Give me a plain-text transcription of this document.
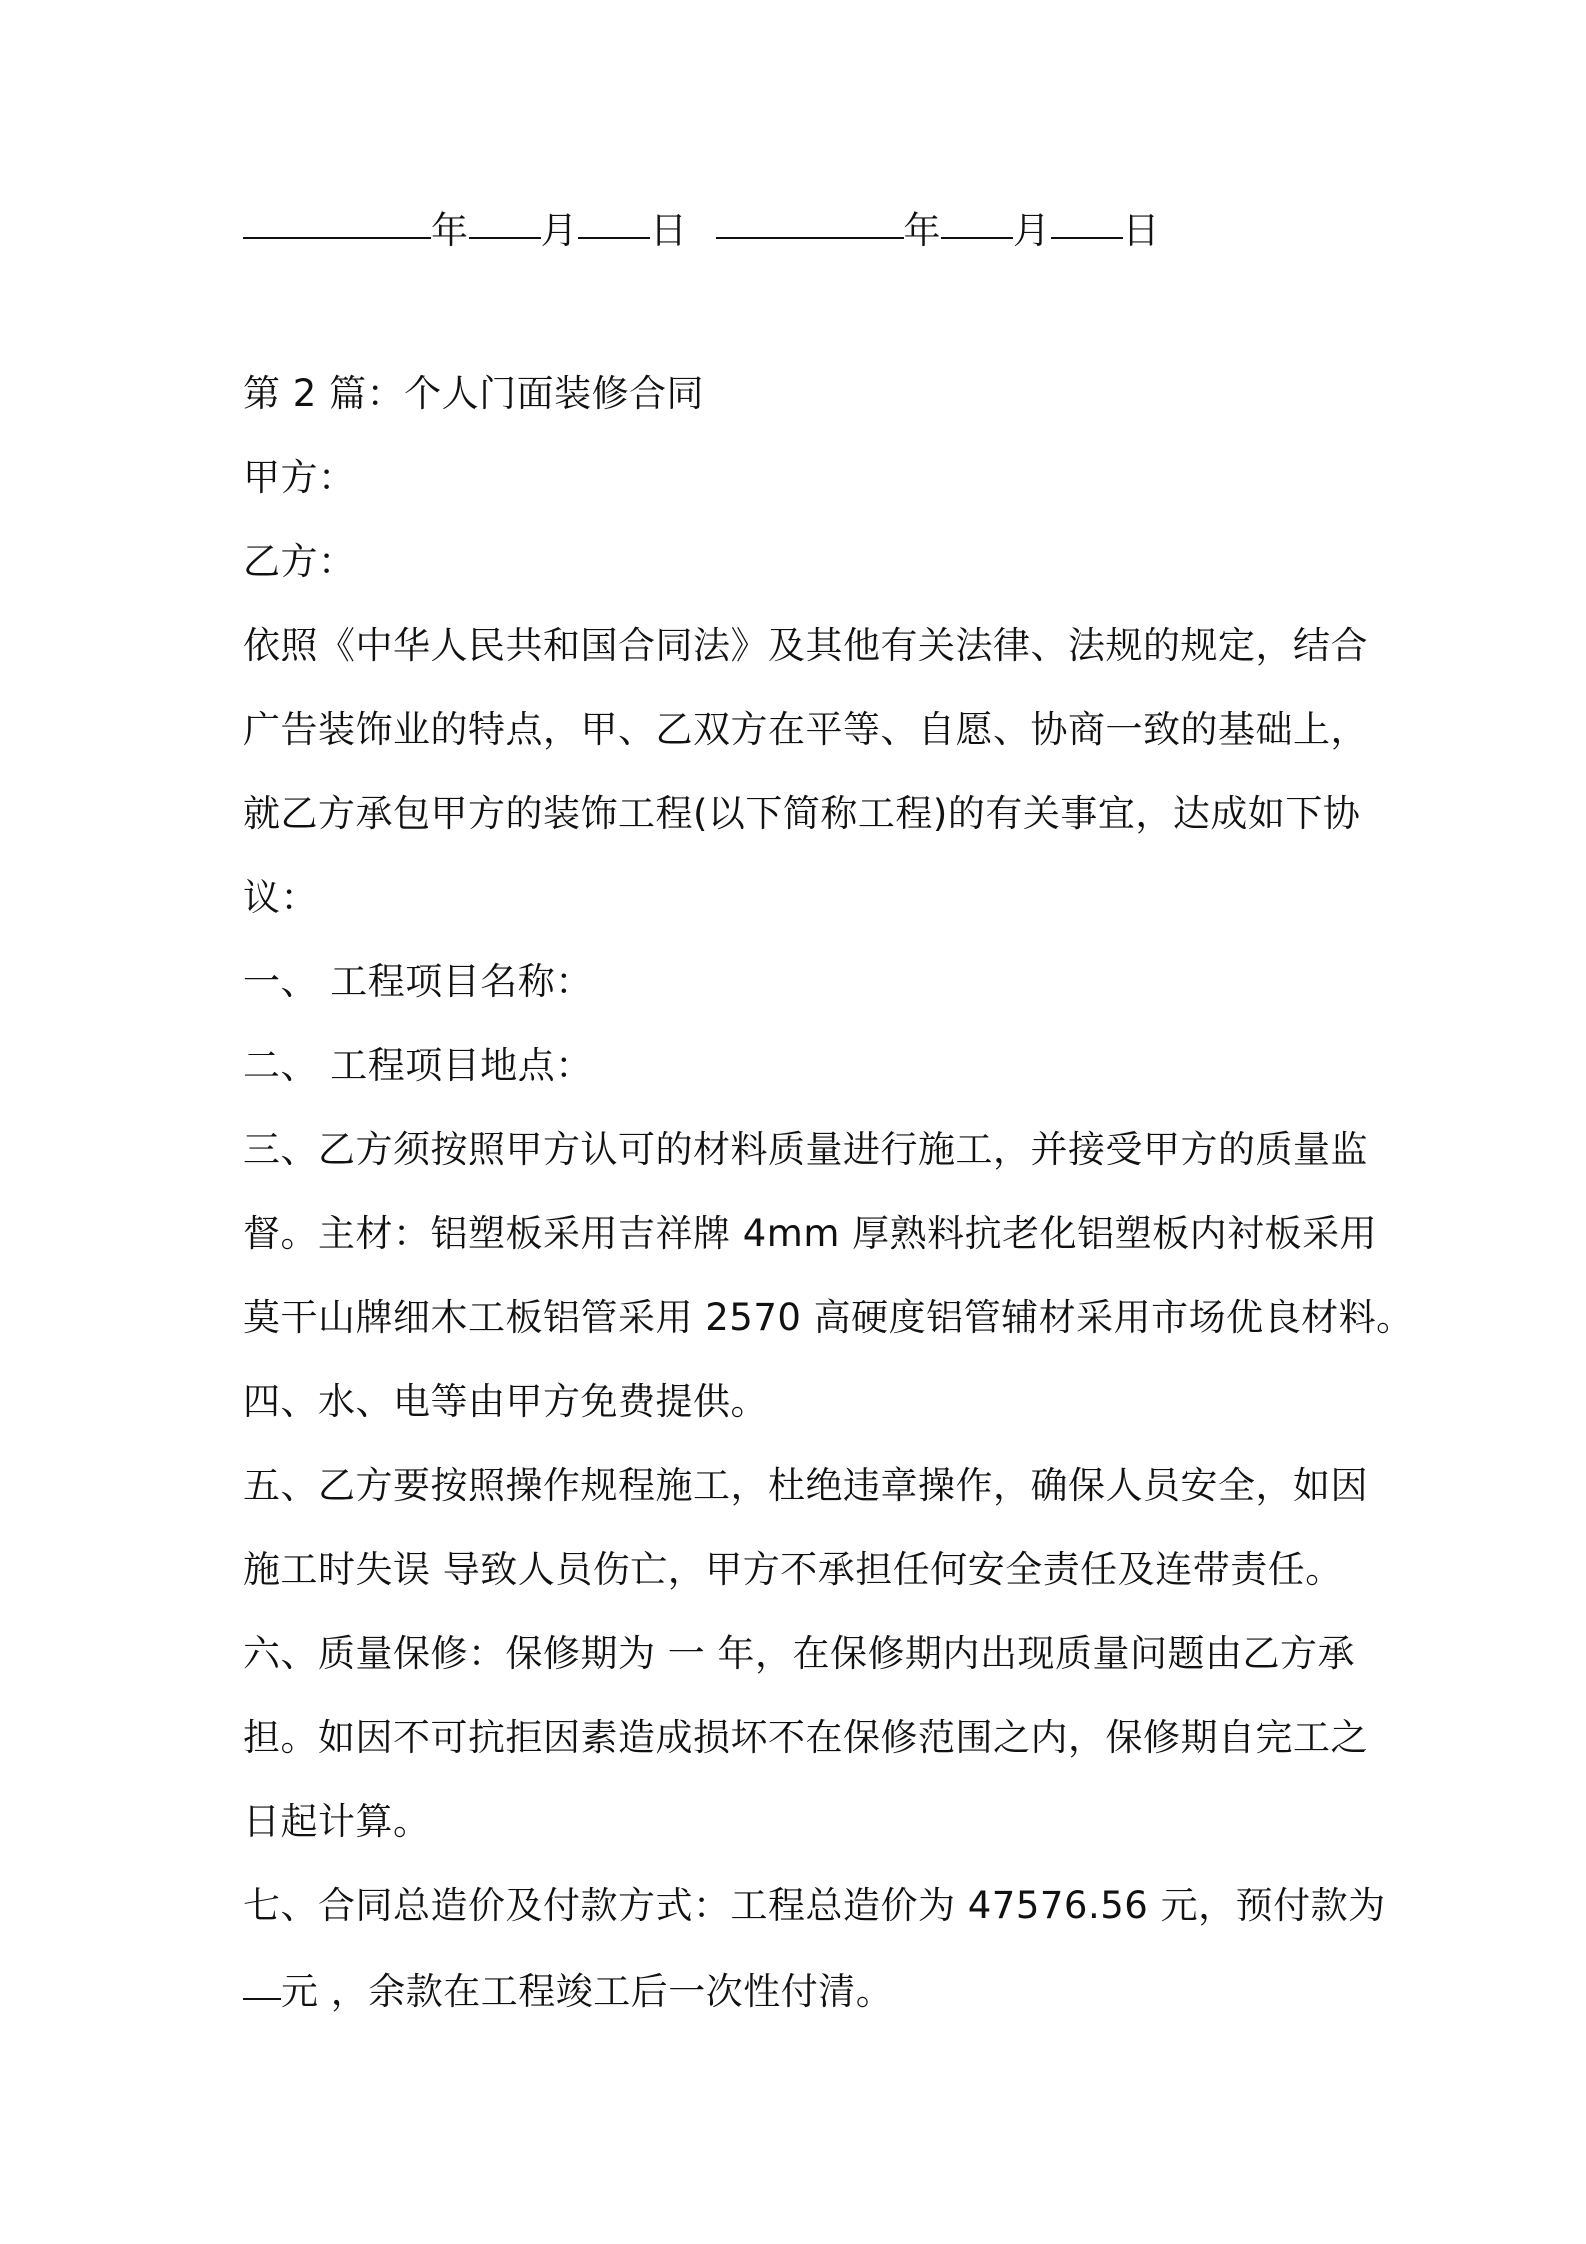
年 月 日	年 月 日
第 2 篇：个人门面装修合同
甲方：
乙方：
依照《中华人民共和国合同法》及其他有关法律、法规的规定，结合
广告装饰业的特点，甲、乙双方在平等、自愿、协商一致的基础上，
就乙方承包甲方的装饰工程(以下简称工程)的有关事宜，达成如下协
议：
一、 工程项目名称：
二、 工程项目地点：
三、乙方须按照甲方认可的材料质量进行施工，并接受甲方的质量监
督。主材：铝塑板采用吉祥牌 4mm 厚熟料抗老化铝塑板内衬板采用
莫干山牌细木工板铝管采用 2570 高硬度铝管辅材采用市场优良材料。
四、水、电等由甲方免费提供。
五、乙方要按照操作规程施工，杜绝违章操作，确保人员安全，如因
施工时失误 导致人员伤亡，甲方不承担任何安全责任及连带责任。
六、质量保修：保修期为 一 年，在保修期内出现质量问题由乙方承
担。如因不可抗拒因素造成损坏不在保修范围之内，保修期自完工之
日起计算。
七、合同总造价及付款方式：工程总造价为 47576.56 元，预付款为
元 ，余款在工程竣工后一次性付清。
